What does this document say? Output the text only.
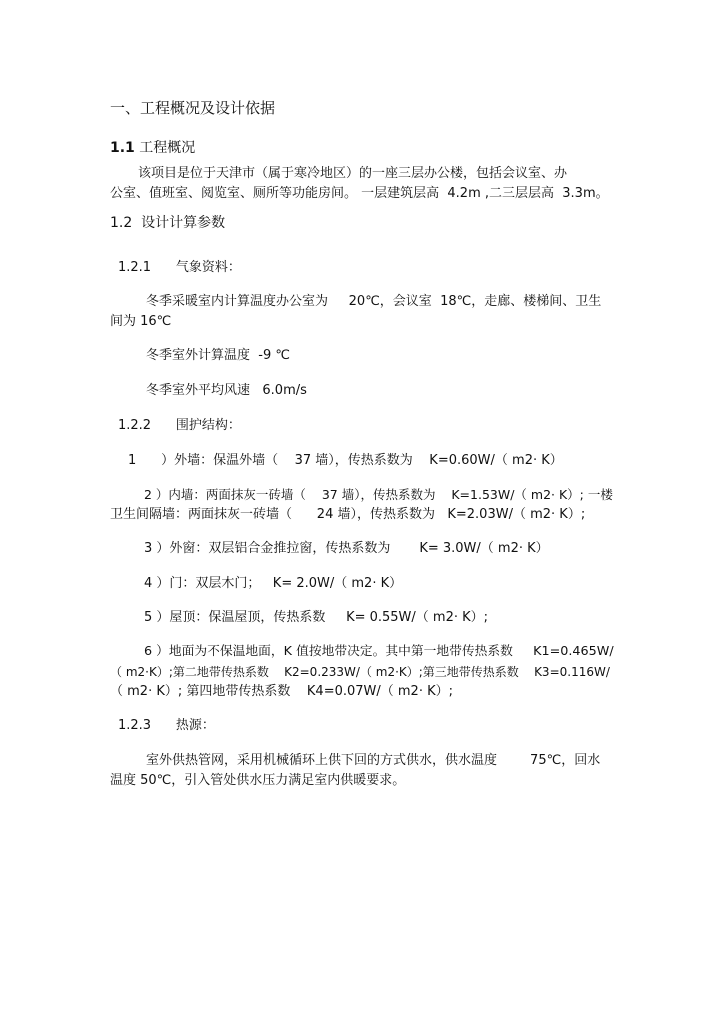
一、工程概况及设计依据
1.1 工程概况
该项目是位于天津市（属于寒冷地区）的一座三层办公楼，包括会议室、办
公室、值班室、阅览室、厕所等功能房间。 一层建筑层高  4.2m ,二三层层高  3.3m。
1.2  设计计算参数
1.2.1      气象资料：
冬季采暖室内计算温度办公室为     20℃，会议室  18℃，走廊、楼梯间、卫生
间为 16℃
冬季室外计算温度  -9 ℃
冬季室外平均风速   6.0m/s
1.2.2      围护结构：
1      ）外墙：保温外墙（    37 墙），传热系数为    K=0.60W/（ m2· K）
2 ）内墙：两面抹灰一砖墙（    37 墙），传热系数为    K=1.53W/（ m2· K）; 一楼
卫生间隔墙：两面抹灰一砖墙（      24 墙），传热系数为   K=2.03W/（ m2· K）;
3 ）外窗：双层铝合金推拉窗，传热系数为       K= 3.0W/（ m2· K）
4 ）门：双层木门；   K= 2.0W/（ m2· K）
5 ）屋顶：保温屋顶，传热系数     K= 0.55W/（ m2· K）;
6 ）地面为不保温地面，K 值按地带决定。其中第一地带传热系数     K1=0.465W/
（ m2·K）;第二地带传热系数    K2=0.233W/（ m2·K）;第三地带传热系数    K3=0.116W/
（ m2· K）; 第四地带传热系数    K4=0.07W/（ m2· K）;
1.2.3      热源：
室外供热管网，采用机械循环上供下回的方式供水，供水温度        75℃，回水
温度 50℃，引入管处供水压力满足室内供暖要求。
